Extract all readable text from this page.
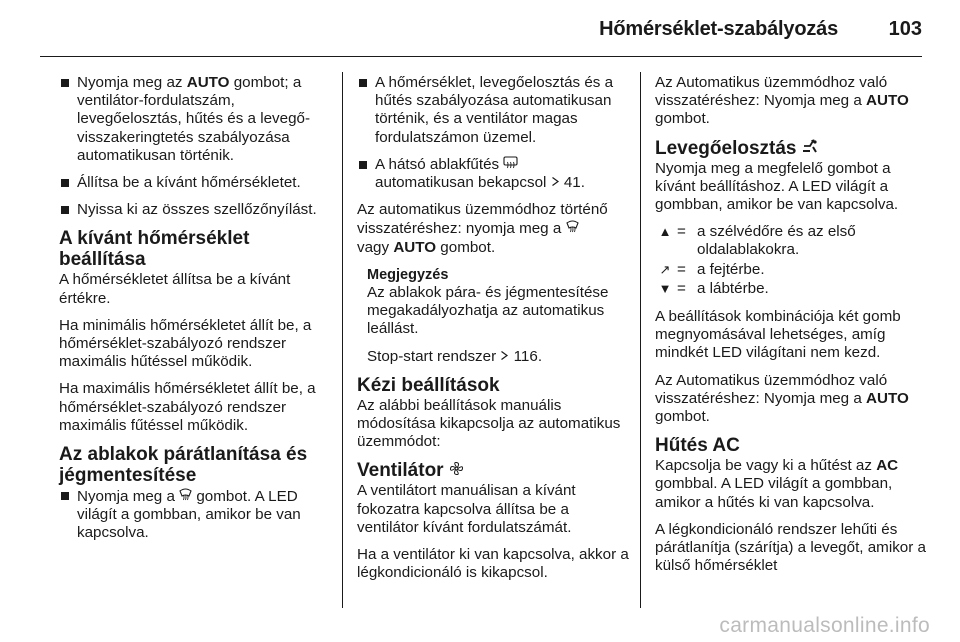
Hőmérséklet-szabályozás	103
Nyomja meg az AUTO gombot; a ventilátor-fordulatszám, levegőelosztás, hűtés és a levegő-visszakeringtetés szabályozása automatikusan történik.
Állítsa be a kívánt hőmérsékletet.
Nyissa ki az összes szellőzőnyílást.
A kívánt hőmérséklet beállítása

A hőmérsékletet állítsa be a kívánt értékre.

Ha minimális hőmérsékletet állít be, a hőmérséklet-szabályozó rendszer maximális hűtéssel működik.

Ha maximális hőmérsékletet állít be, a hőmérséklet-szabályozó rendszer maximális fűtéssel működik.

Az ablakok párátlanítása és jégmentesítése
Nyomja meg a  gombot. A LED világít a gombban, amikor be van kapcsolva.
A hőmérséklet, levegőelosztás és a hűtés szabályozása automatikusan történik, és a ventilátor magas fordulatszámon üzemel.
A hátsó ablakfűtés
automatikusan bekapcsol  41.

Az automatikus üzemmódhoz történő visszatéréshez: nyomja meg a
vagy AUTO gombot.

Megjegyzés

Az ablakok pára- és jégmentesítése megakadályozhatja az automatikus leállást.

Stop-start rendszer  116.

Kézi beállítások

Az alábbi beállítások manuális módosítása kikapcsolja az automatikus üzemmódot:

Ventilátor

A ventilátort manuálisan a kívánt fokozatra kapcsolva állítsa be a ventilátor kívánt fordulatszámát.

Ha a ventilátor ki van kapcsolva, akkor a légkondicionáló is kikapcsol.

Az Automatikus üzemmódhoz való visszatéréshez: Nyomja meg a AUTO gombot.

Levegőelosztás

Nyomja meg a megfelelő gombot a kívánt beállításhoz. A LED világít a gombban, amikor be van kapcsolva.

▲ = a szélvédőre és az első oldalablakokra.
↗ = a fejtérbe.
▼ = a lábtérbe.

A beállítások kombinációja két gomb megnyomásával lehetséges, amíg mindkét LED világítani nem kezd.

Az Automatikus üzemmódhoz való visszatéréshez: Nyomja meg a AUTO gombot.

Hűtés AC

Kapcsolja be vagy ki a hűtést az AC gombbal. A LED világít a gombban, amikor a hűtés ki van kapcsolva.

A légkondicionáló rendszer lehűti és párátlanítja (szárítja) a levegőt, amikor a külső hőmérséklet

carmanualsonline.info
